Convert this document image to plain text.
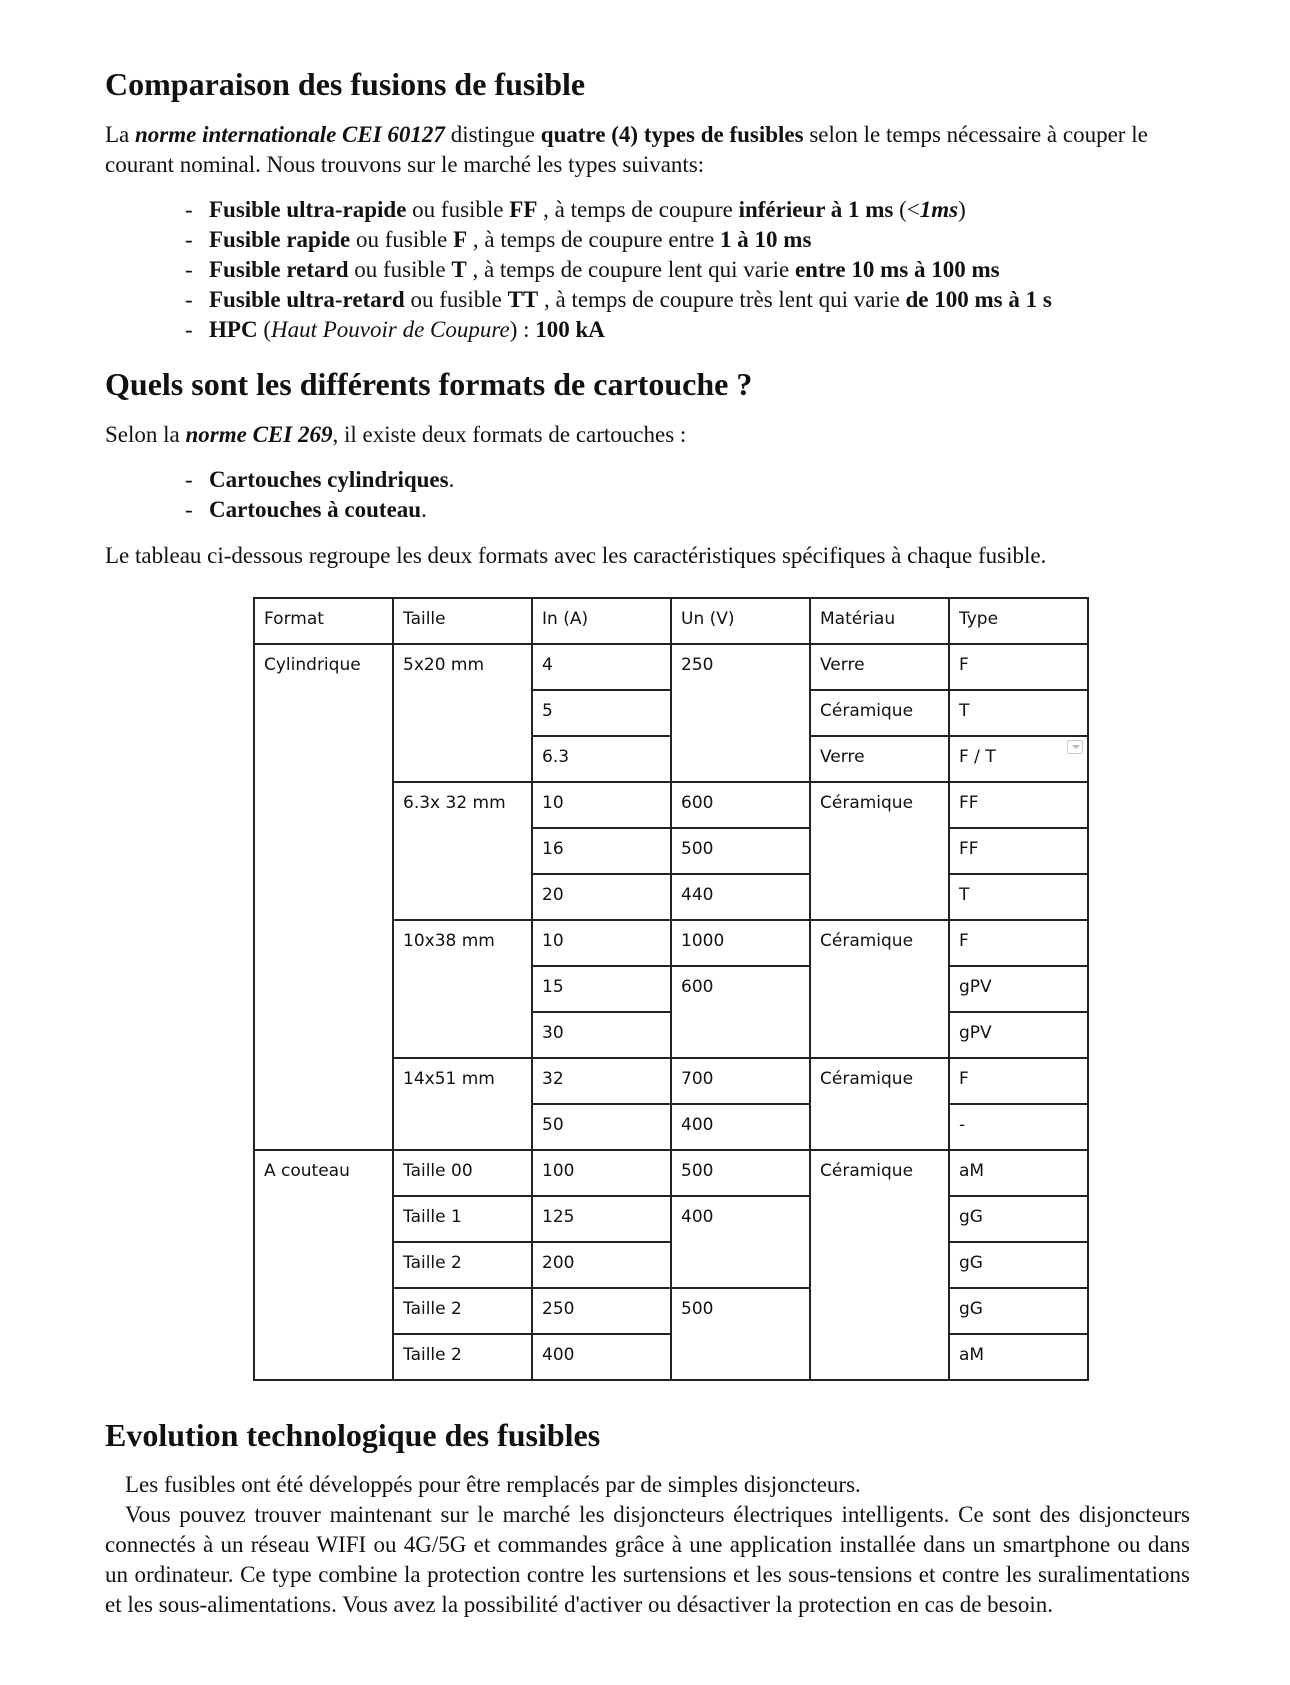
Comparaison des fusions de fusible

La norme internationale CEI 60127 distingue quatre (4) types de fusibles selon le temps nécessaire à couper le courant nominal. Nous trouvons sur le marché les types suivants:

- Fusible ultra-rapide ou fusible FF , à temps de coupure inférieur à 1 ms (<1ms)
- Fusible rapide ou fusible F , à temps de coupure entre 1 à 10 ms
- Fusible retard ou fusible T , à temps de coupure lent qui varie entre 10 ms à 100 ms
- Fusible ultra-retard ou fusible TT , à temps de coupure très lent qui varie de 100 ms à 1 s
- HPC (Haut Pouvoir de Coupure) : 100 kA
Quels sont les différents formats de cartouche ?

Selon la norme CEI 269, il existe deux formats de cartouches :

- Cartouches cylindriques.
- Cartouches à couteau.

Le tableau ci-dessous regroupe les deux formats avec les caractéristiques spécifiques à chaque fusible.

Format	Taille	In (A)	Un (V)	Matériau	Type
Cylindrique	5x20 mm	4	250	Verre	F
		5		Céramique	T
		6.3		Verre	F / T

	6.3x 32 mm	10	600	Céramique	FF
		16	500		FF
		20	440		T
	10x38 mm	10	1000	Céramique	F
		15	600		gPV
		30			gPV
	14x51 mm	32	700	Céramique	F
		50	400		-
A couteau	Taille 00	100	500	Céramique	aM
	Taille 1	125	400		gG
	Taille 2	200			gG
	Taille 2	250	500		gG
	Taille 2	400			aM
Evolution technologique des fusibles

Les fusibles ont été développés pour être remplacés par de simples disjoncteurs.

Vous pouvez trouver maintenant sur le marché les disjoncteurs électriques intelligents. Ce sont des disjoncteurs connectés à un réseau WIFI ou 4G/5G et commandes grâce à une application installée dans un smartphone ou dans un ordinateur. Ce type combine la protection contre les surtensions et les sous-tensions et contre les suralimentations et les sous-alimentations. Vous avez la possibilité d'activer ou désactiver la protection en cas de besoin.
